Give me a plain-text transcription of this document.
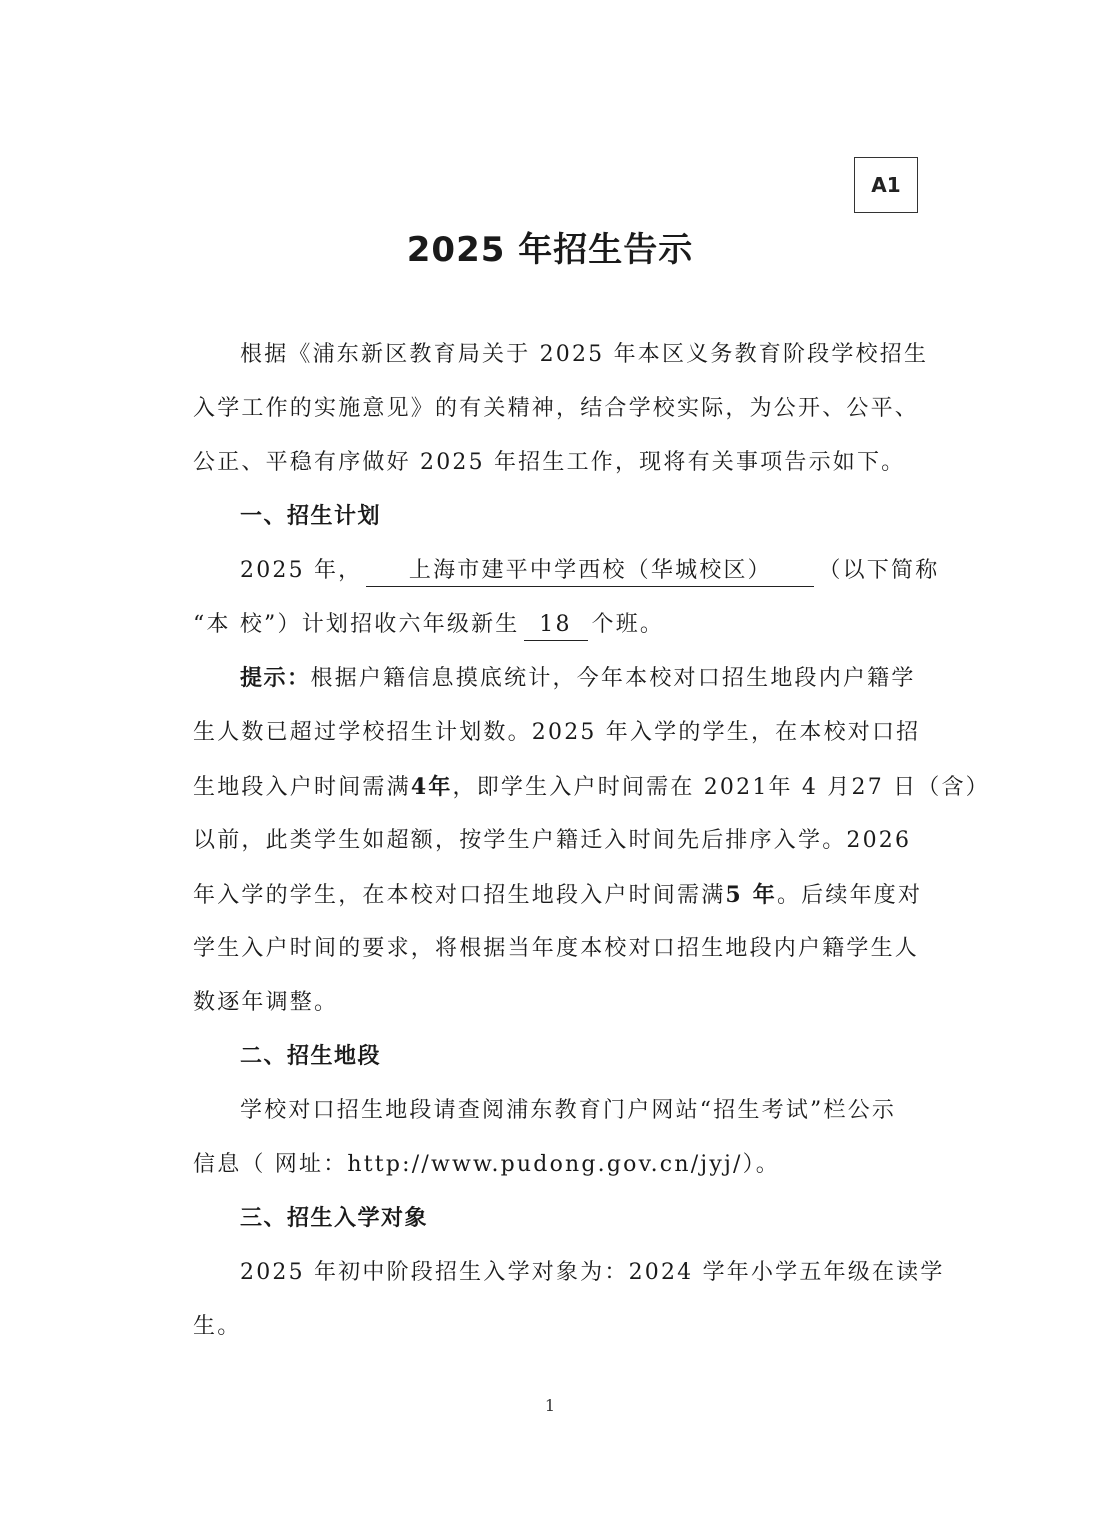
A1
2025 年招生告示
根据《浦东新区教育局关于 2025 年本区义务教育阶段学校招生
入学工作的实施意见》的有关精神，结合学校实际，为公开、公平、
公正、平稳有序做好 2025 年招生工作，现将有关事项告示如下。
一、招生计划
2025 年， 上海市建平中学西校（华城校区） （以下简称
“本 校”）计划招收六年级新生 18 个班。
提示：根据户籍信息摸底统计，今年本校对口招生地段内户籍学
生人数已超过学校招生计划数。2025 年入学的学生，在本校对口招
生地段入户时间需满4年，即学生入户时间需在 2021年 4 月27 日（含）
以前，此类学生如超额，按学生户籍迁入时间先后排序入学。2026
年入学的学生，在本校对口招生地段入户时间需满5 年。后续年度对
学生入户时间的要求，将根据当年度本校对口招生地段内户籍学生人
数逐年调整。
二、招生地段
学校对口招生地段请查阅浦东教育门户网站“招生考试”栏公示
信息（ 网址：http://www.pudong.gov.cn/jyj/）。
三、招生入学对象
2025 年初中阶段招生入学对象为：2024 学年小学五年级在读学
生。
1
